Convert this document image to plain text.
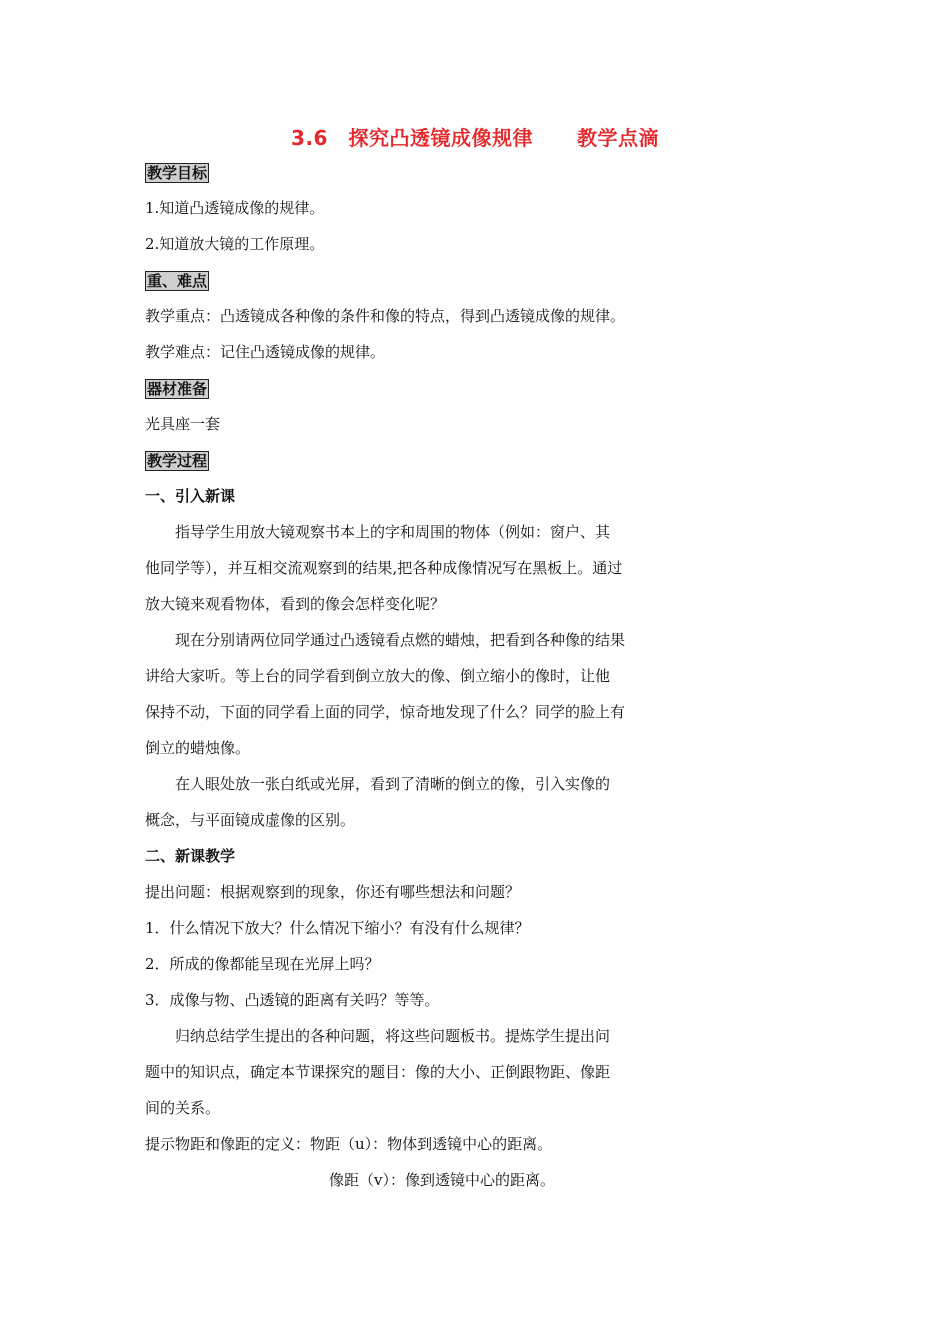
3.6　探究凸透镜成像规律 教学点滴
教学目标
1.知道凸透镜成像的规律。
2.知道放大镜的工作原理。
重、难点
教学重点：凸透镜成各种像的条件和像的特点，得到凸透镜成像的规律。
教学难点：记住凸透镜成像的规律。
器材准备
光具座一套
教学过程
一、引入新课
指导学生用放大镜观察书本上的字和周围的物体（例如：窗户、其
他同学等），并互相交流观察到的结果,把各种成像情况写在黑板上。通过
放大镜来观看物体，看到的像会怎样变化呢？
现在分别请两位同学通过凸透镜看点燃的蜡烛，把看到各种像的结果
讲给大家听。等上台的同学看到倒立放大的像、倒立缩小的像时，让他
保持不动，下面的同学看上面的同学，惊奇地发现了什么？同学的脸上有
倒立的蜡烛像。
在人眼处放一张白纸或光屏，看到了清晰的倒立的像，引入实像的
概念，与平面镜成虚像的区别。
二、新课教学
提出问题：根据观察到的现象，你还有哪些想法和问题？
1．什么情况下放大？什么情况下缩小？有没有什么规律？
2．所成的像都能呈现在光屏上吗？
3．成像与物、凸透镜的距离有关吗？等等。
归纳总结学生提出的各种问题，将这些问题板书。提炼学生提出问
题中的知识点，确定本节课探究的题目：像的大小、正倒跟物距、像距
间的关系。
提示物距和像距的定义：物距（u）：物体到透镜中心的距离。
像距（v）：像到透镜中心的距离。
